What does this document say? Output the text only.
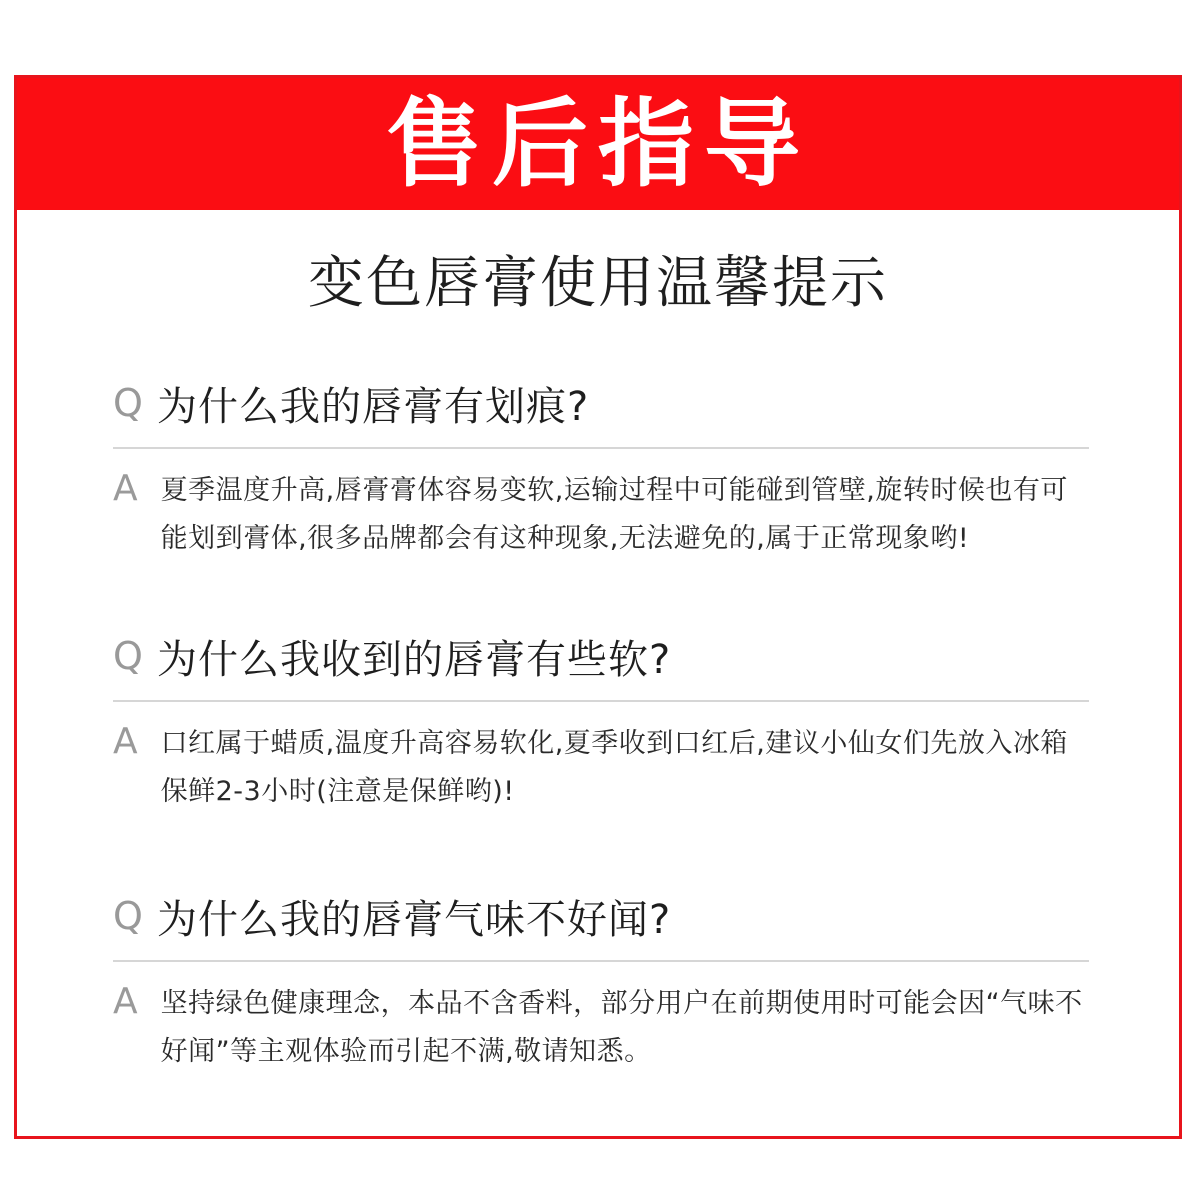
售后指导
变色唇膏使用温馨提示
Q 为什么我的唇膏有划痕?
A 夏季温度升高,唇膏膏体容易变软,运输过程中可能碰到管壁,旋转时候也有可能划到膏体,很多品牌都会有这种现象,无法避免的,属于正常现象哟!
Q 为什么我收到的唇膏有些软?
A 口红属于蜡质,温度升高容易软化,夏季收到口红后,建议小仙女们先放入冰箱保鲜2-3小时(注意是保鲜哟)!
Q 为什么我的唇膏气味不好闻?
A 坚持绿色健康理念，本品不含香料，部分用户在前期使用时可能会因“气味不好闻”等主观体验而引起不满,敬请知悉。
